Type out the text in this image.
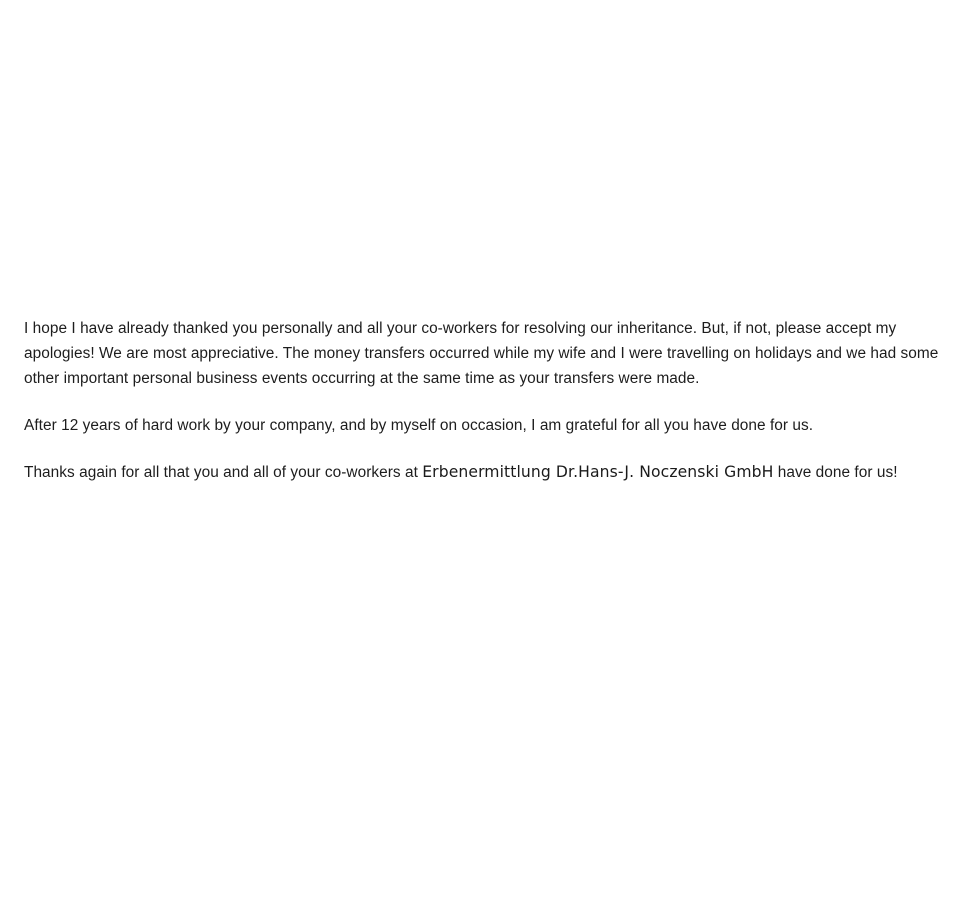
I hope I have already thanked you personally and all your co-workers for resolving our inheritance. But, if not, please accept my apologies! We are most appreciative. The money transfers occurred while my wife and I were travelling on holidays and we had some other important personal business events occurring at the same time as your transfers were made.

After 12 years of hard work by your company, and by myself on occasion, I am grateful for all you have done for us.

Thanks again for all that you and all of your co-workers at Erbenermittlung Dr.Hans-J. Noczenski GmbH have done for us!
